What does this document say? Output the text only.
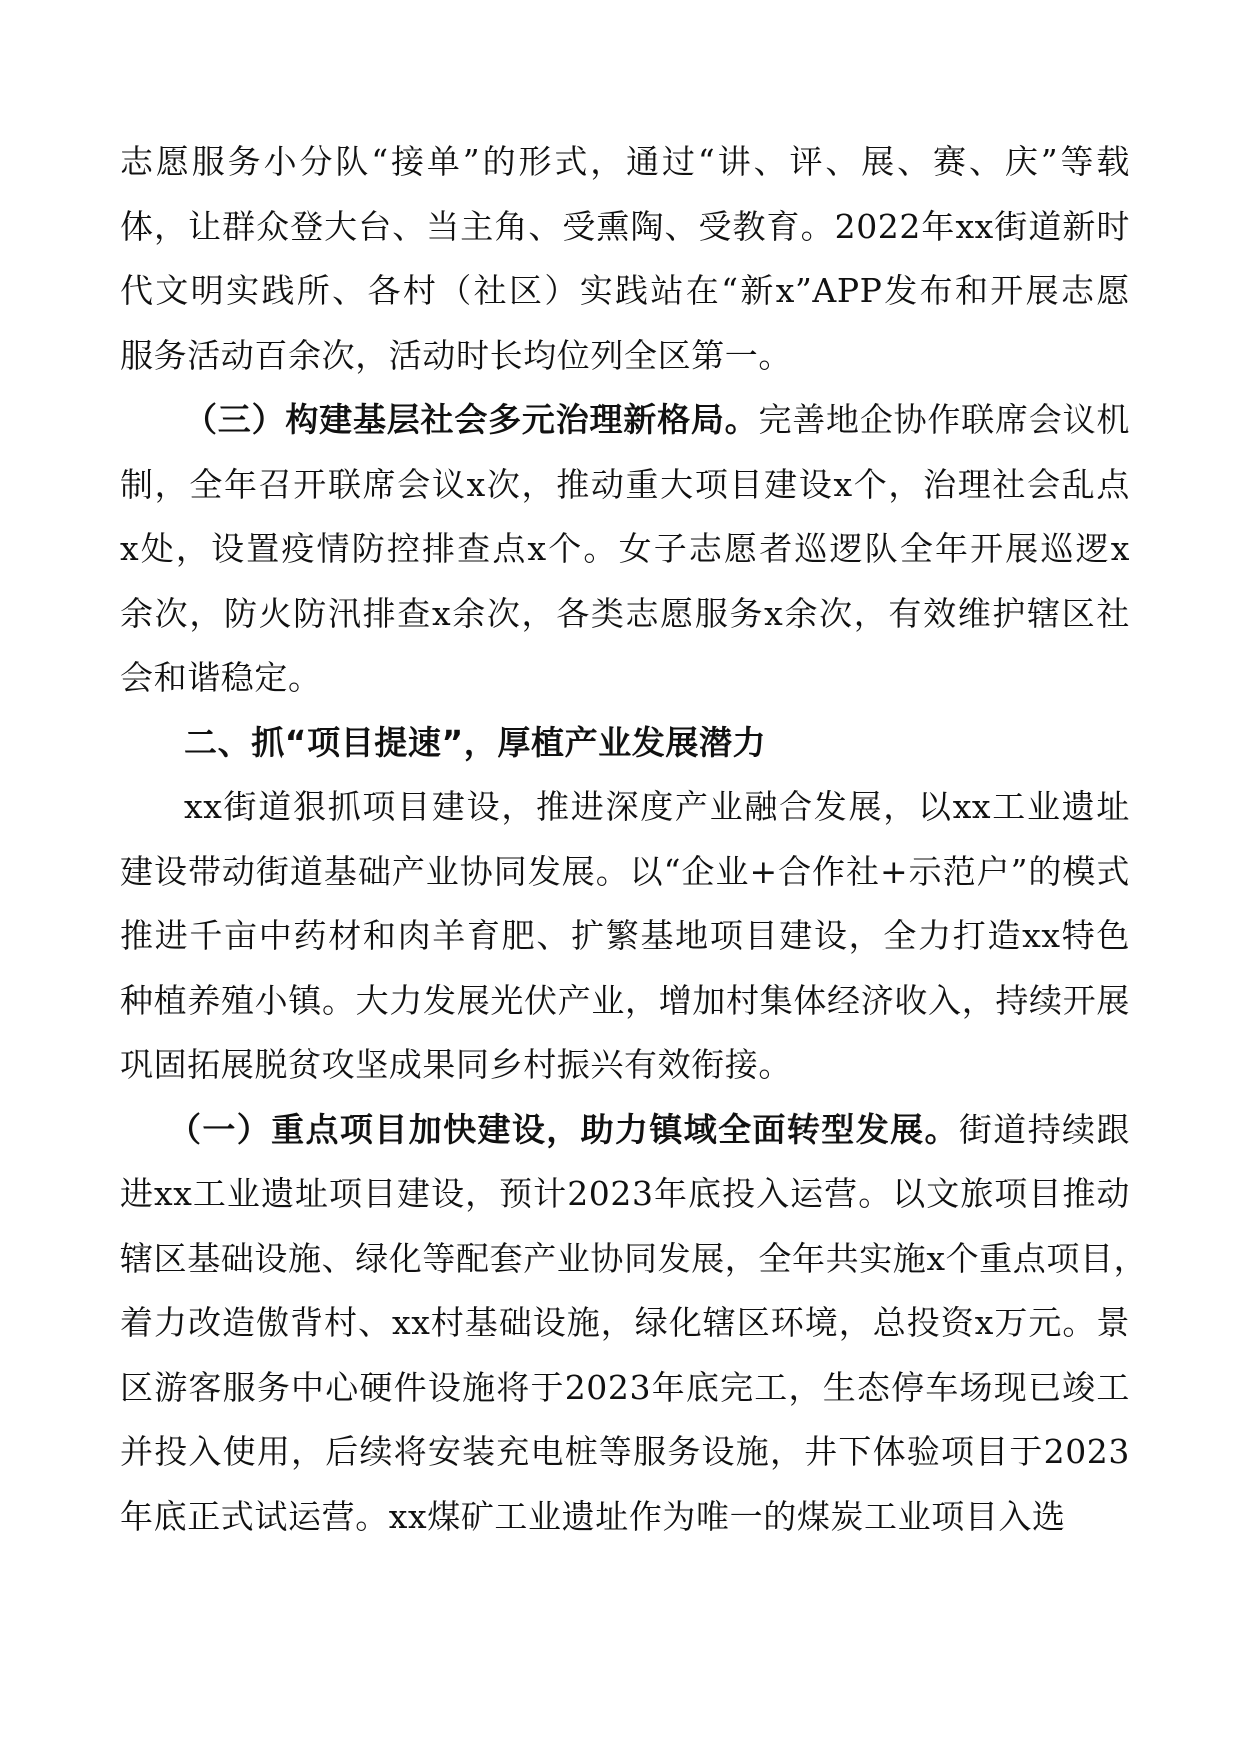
志愿服务小分队“接单”的形式，通过“讲、评、展、赛、庆”等载
体，让群众登大台、当主角、受熏陶、受教育。2022年xx街道新时
代文明实践所、各村（社区）实践站在“新x”APP发布和开展志愿
服务活动百余次，活动时长均位列全区第一。
（三）构建基层社会多元治理新格局。完善地企协作联席会议机
制，全年召开联席会议x次，推动重大项目建设x个，治理社会乱点
x处，设置疫情防控排查点x个。女子志愿者巡逻队全年开展巡逻x
余次，防火防汛排查x余次，各类志愿服务x余次，有效维护辖区社
会和谐稳定。
二、抓“项目提速”，厚植产业发展潜力
xx街道狠抓项目建设，推进深度产业融合发展，以xx工业遗址
建设带动街道基础产业协同发展。以“企业+合作社+示范户”的模式
推进千亩中药材和肉羊育肥、扩繁基地项目建设，全力打造xx特色
种植养殖小镇。大力发展光伏产业，增加村集体经济收入，持续开展
巩固拓展脱贫攻坚成果同乡村振兴有效衔接。
（一）重点项目加快建设，助力镇域全面转型发展。街道持续跟
进xx工业遗址项目建设，预计2023年底投入运营。以文旅项目推动
辖区基础设施、绿化等配套产业协同发展，全年共实施x个重点项目，
着力改造傲背村、xx村基础设施，绿化辖区环境，总投资x万元。景
区游客服务中心硬件设施将于2023年底完工，生态停车场现已竣工
并投入使用，后续将安装充电桩等服务设施，井下体验项目于2023
年底正式试运营。xx煤矿工业遗址作为唯一的煤炭工业项目入选
